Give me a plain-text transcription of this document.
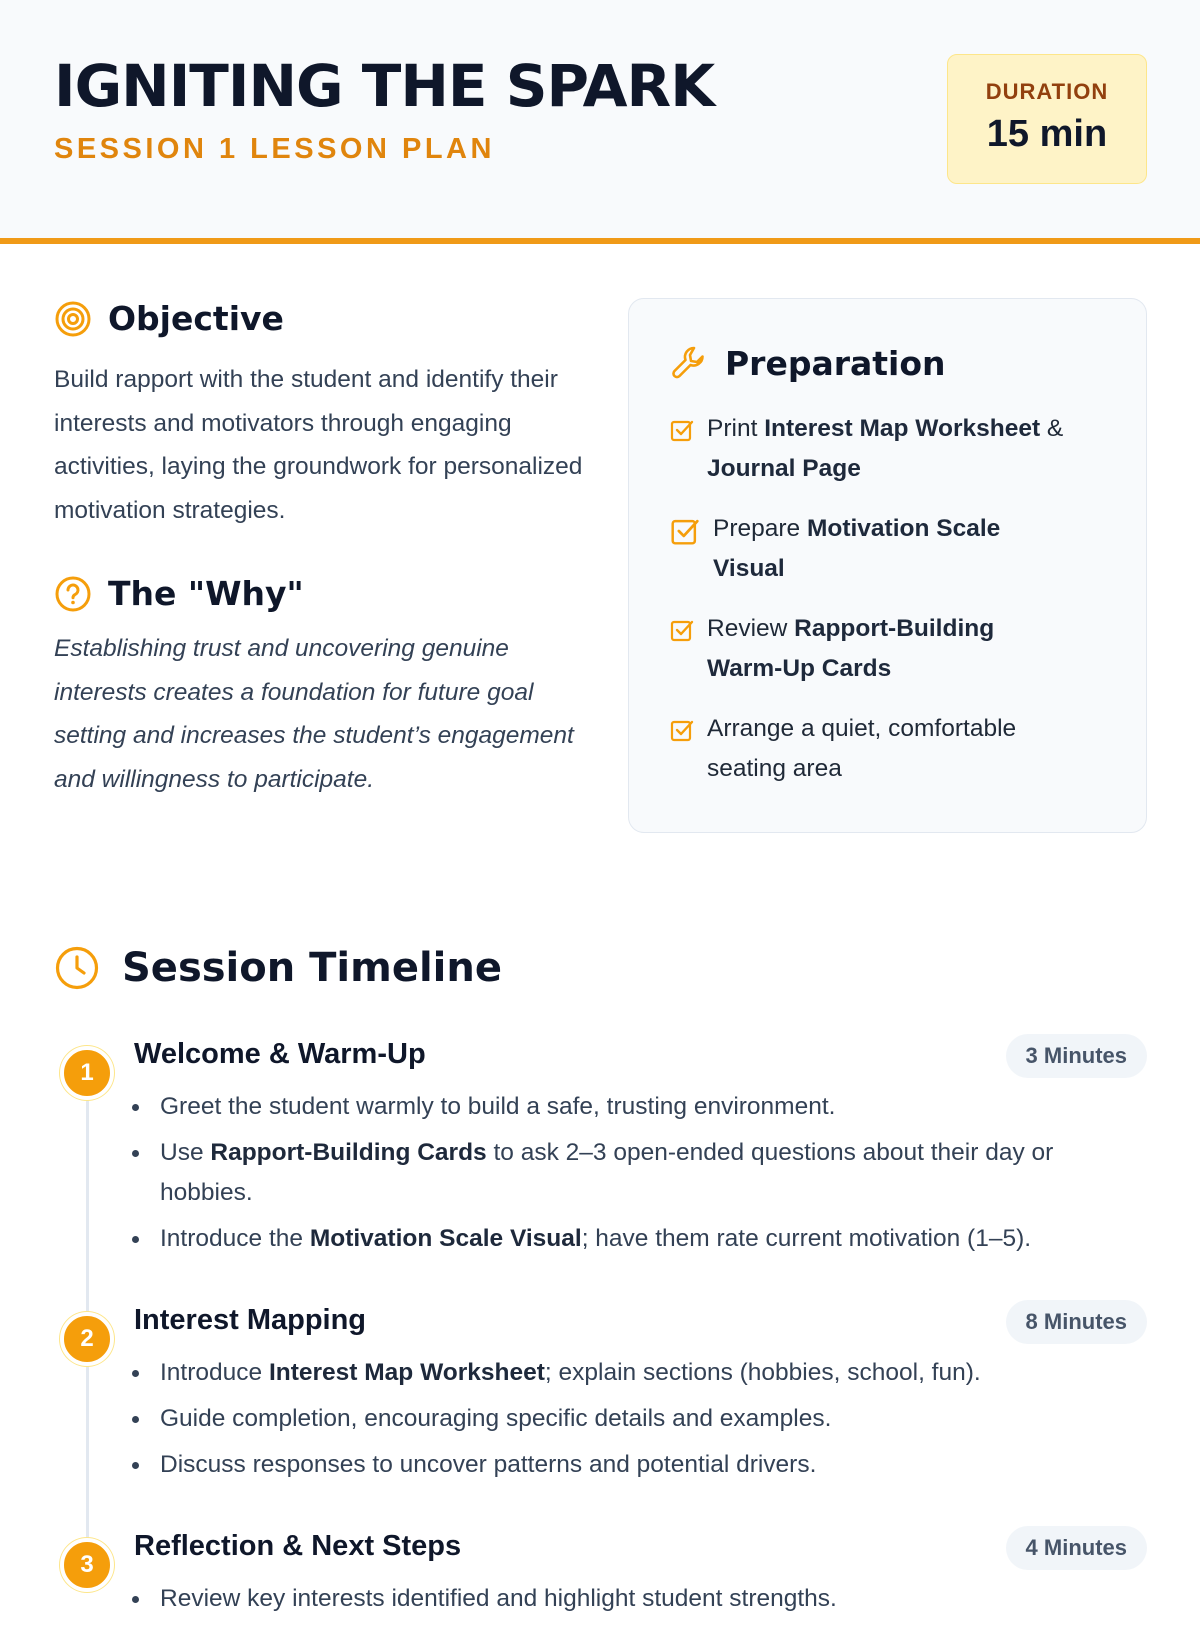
IGNITING THE SPARK
SESSION 1 LESSON PLAN
DURATION
15 min
Objective

Build rapport with the student and identify their interests and motivators through engaging activities, laying the groundwork for personalized motivation strategies.

The "Why"

Establishing trust and uncovering genuine interests creates a foundation for future goal setting and increases the student’s engagement and willingness to participate.

Preparation
Print Interest Map Worksheet & Journal Page
Prepare Motivation Scale Visual
Review Rapport-Building Warm-Up Cards
Arrange a quiet, comfortable seating area
Session Timeline
1
Welcome & Warm-Up	3 Minutes
Greet the student warmly to build a safe, trusting environment.
Use Rapport-Building Cards to ask 2–3 open-ended questions about their day or hobbies.
Introduce the Motivation Scale Visual; have them rate current motivation (1–5).
2
Interest Mapping	8 Minutes
Introduce Interest Map Worksheet; explain sections (hobbies, school, fun).
Guide completion, encouraging specific details and examples.
Discuss responses to uncover patterns and potential drivers.
3
Reflection & Next Steps	4 Minutes
Review key interests identified and highlight student strengths.
